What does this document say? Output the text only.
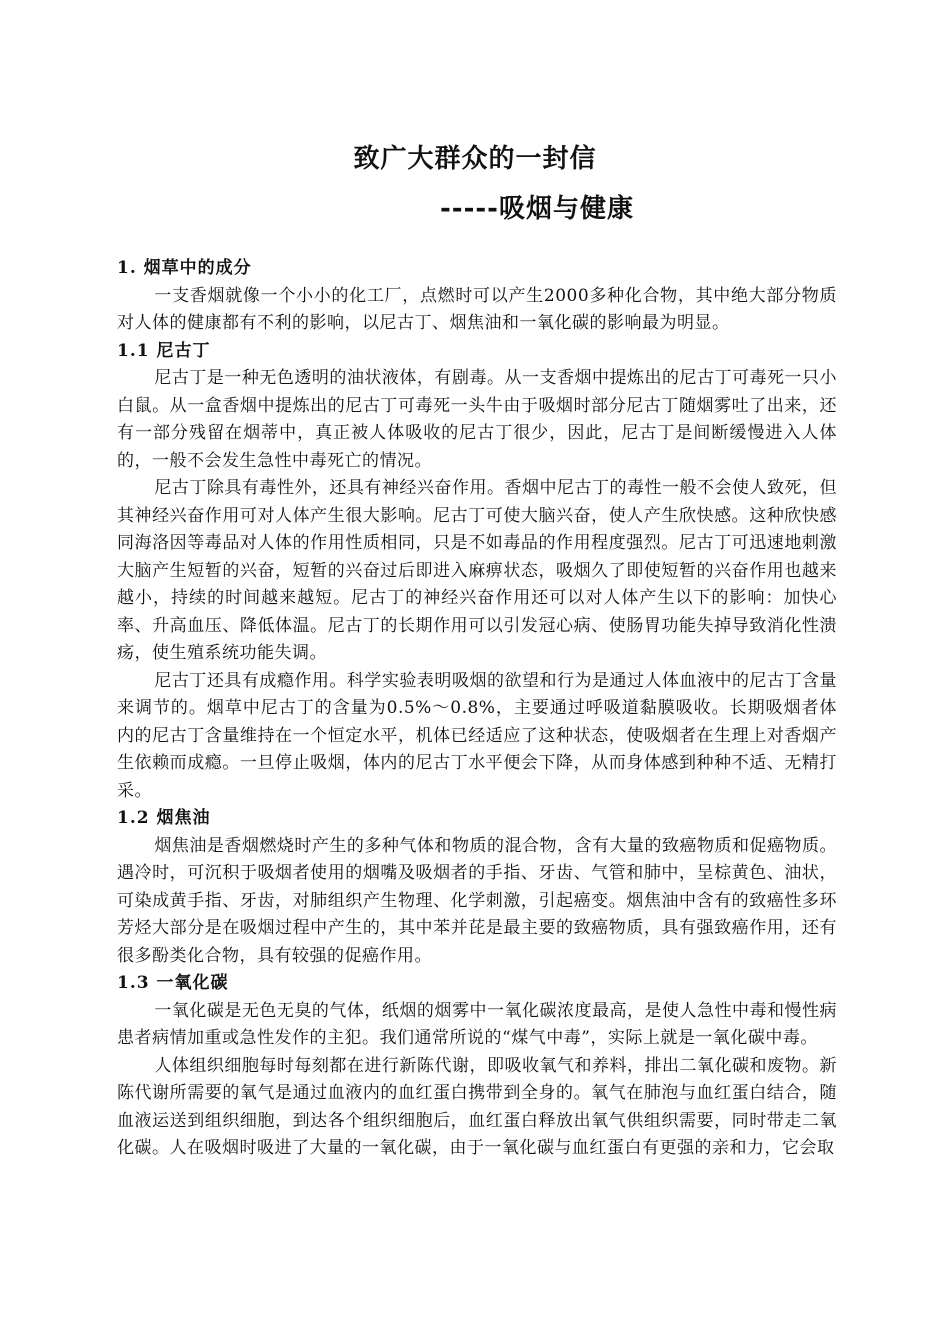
致广大群众的一封信
-----吸烟与健康

1. 烟草中的成分

一支香烟就像一个小小的化工厂，点燃时可以产生2000多种化合物，其中绝大部分物质对人体的健康都有不利的影响，以尼古丁、烟焦油和一氧化碳的影响最为明显。

1.1 尼古丁

尼古丁是一种无色透明的油状液体，有剧毒。从一支香烟中提炼出的尼古丁可毒死一只小白鼠。从一盒香烟中提炼出的尼古丁可毒死一头牛由于吸烟时部分尼古丁随烟雾吐了出来，还有一部分残留在烟蒂中，真正被人体吸收的尼古丁很少，因此，尼古丁是间断缓慢进入人体的，一般不会发生急性中毒死亡的情况。

尼古丁除具有毒性外，还具有神经兴奋作用。香烟中尼古丁的毒性一般不会使人致死，但其神经兴奋作用可对人体产生很大影响。尼古丁可使大脑兴奋，使人产生欣快感。这种欣快感同海洛因等毒品对人体的作用性质相同，只是不如毒品的作用程度强烈。尼古丁可迅速地刺激大脑产生短暂的兴奋，短暂的兴奋过后即进入麻痹状态，吸烟久了即使短暂的兴奋作用也越来越小，持续的时间越来越短。尼古丁的神经兴奋作用还可以对人体产生以下的影响：加快心率、升高血压、降低体温。尼古丁的长期作用可以引发冠心病、使肠胃功能失掉导致消化性溃疡，使生殖系统功能失调。

尼古丁还具有成瘾作用。科学实验表明吸烟的欲望和行为是通过人体血液中的尼古丁含量来调节的。烟草中尼古丁的含量为0.5%～0.8%，主要通过呼吸道黏膜吸收。长期吸烟者体内的尼古丁含量维持在一个恒定水平，机体已经适应了这种状态，使吸烟者在生理上对香烟产生依赖而成瘾。一旦停止吸烟，体内的尼古丁水平便会下降，从而身体感到种种不适、无精打采。

1.2 烟焦油

烟焦油是香烟燃烧时产生的多种气体和物质的混合物，含有大量的致癌物质和促癌物质。遇冷时，可沉积于吸烟者使用的烟嘴及吸烟者的手指、牙齿、气管和肺中，呈棕黄色、油状，可染成黄手指、牙齿，对肺组织产生物理、化学刺激，引起癌变。烟焦油中含有的致癌性多环芳烃大部分是在吸烟过程中产生的，其中苯并芘是最主要的致癌物质，具有强致癌作用，还有很多酚类化合物，具有较强的促癌作用。

1.3 一氧化碳

一氧化碳是无色无臭的气体，纸烟的烟雾中一氧化碳浓度最高，是使人急性中毒和慢性病患者病情加重或急性发作的主犯。我们通常所说的“煤气中毒”，实际上就是一氧化碳中毒。

人体组织细胞每时每刻都在进行新陈代谢，即吸收氧气和养料，排出二氧化碳和废物。新陈代谢所需要的氧气是通过血液内的血红蛋白携带到全身的。氧气在肺泡与血红蛋白结合，随血液运送到组织细胞，到达各个组织细胞后，血红蛋白释放出氧气供组织需要，同时带走二氧化碳。人在吸烟时吸进了大量的一氧化碳，由于一氧化碳与血红蛋白有更强的亲和力，它会取
